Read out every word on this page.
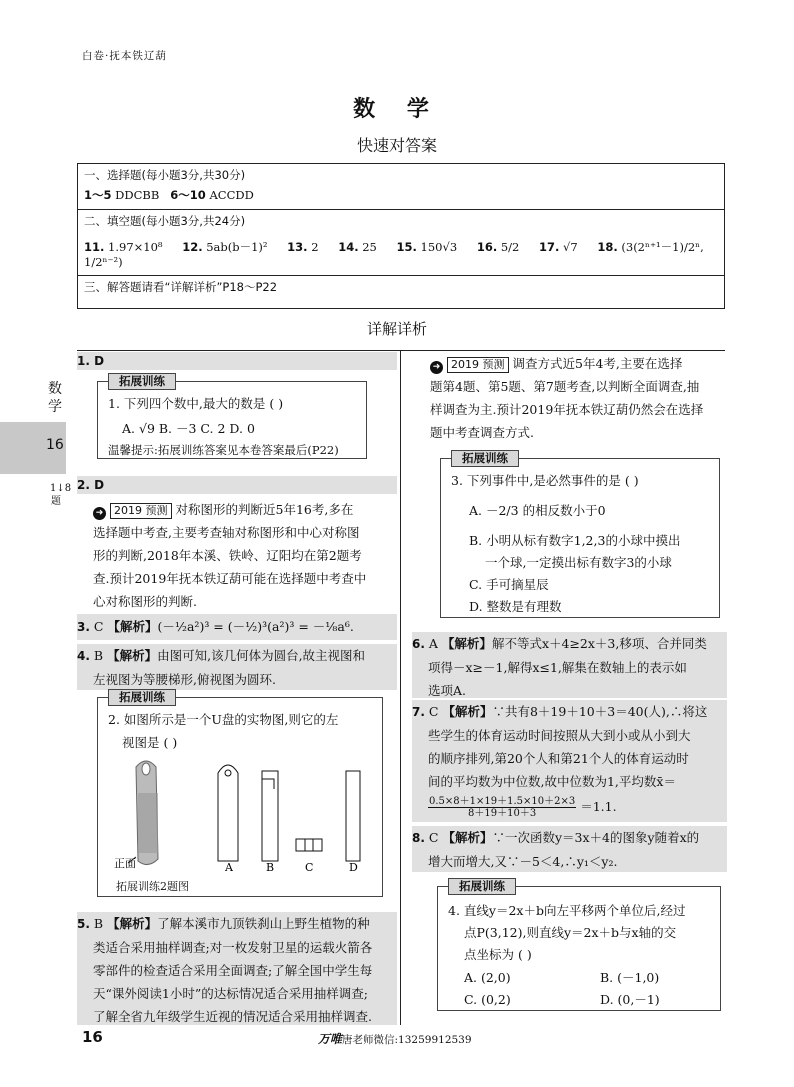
白卷·抚本铁辽葫
数 学
快速对答案
一、选择题(每小题3分,共30分)
1～5 DDCBB 6～10 ACCDD
二、填空题(每小题3分,共24分)
11. 1.97×10⁸ 12. 5ab(b－1)² 13. 2 14. 25 15. 150√3 16. 5/2 17. √7 18. (3(2ⁿ⁺¹－1)/2ⁿ, 1/2ⁿ⁻²)
三、解答题请看“详解详析”P18～P22
详解详析
数学
16
1↓8题
1. D
拓展训练
1. 下列四个数中,最大的数是 ( )
A. √9 B. －3 C. 2 D. 0
温馨提示:拓展训练答案见本卷答案最后(P22)
2. D
➜ 2019 预测 对称图形的判断近5年16考,多在
选择题中考查,主要考查轴对称图形和中心对称图
形的判断,2018年本溪、铁岭、辽阳均在第2题考
查.预计2019年抚本铁辽葫可能在选择题中考查中
心对称图形的判断.
3. C 【解析】(－½a²)³ = (－½)³(a²)³ = －⅛a⁶.
4. B 【解析】由图可知,该几何体为圆台,故主视图和
左视图为等腰梯形,俯视图为圆环.
拓展训练
2. 如图所示是一个U盘的实物图,则它的左
视图是 ( )
正面	A	B	C	D
拓展训练2题图
5. B 【解析】了解本溪市九顶铁刹山上野生植物的种
类适合采用抽样调查;对一枚发射卫星的运载火箭各
零部件的检查适合采用全面调查;了解全国中学生每
天“课外阅读1小时”的达标情况适合采用抽样调查;
了解全省九年级学生近视的情况适合采用抽样调查.
➜ 2019 预测 调查方式近5年4考,主要在选择
题第4题、第5题、第7题考查,以判断全面调查,抽
样调查为主.预计2019年抚本铁辽葫仍然会在选择
题中考查调查方式.
拓展训练
3. 下列事件中,是必然事件的是 ( )
A. －2/3 的相反数小于0
B. 小明从标有数字1,2,3的小球中摸出
一个球,一定摸出标有数字3的小球
C. 手可摘星辰
D. 整数是有理数
6. A 【解析】解不等式x＋4≥2x＋3,移项、合并同类
项得－x≥－1,解得x≤1,解集在数轴上的表示如
选项A.
7. C 【解析】∵共有8＋19＋10＋3＝40(人),∴将这
些学生的体育运动时间按照从大到小或从小到大
的顺序排列,第20个人和第21个人的体育运动时
间的平均数为中位数,故中位数为1,平均数x̄＝
$\frac{0.5\times 8+1\times 19+1.5\times 10+2\times 3}{8+19+10+3} =1.1$.
8. C 【解析】∵一次函数y＝3x＋4的图象y随着x的
增大而增大,又∵－5＜4,∴y₁＜y₂.
拓展训练
4. 直线y＝2x＋b向左平移两个单位后,经过
点P(3,12),则直线y＝2x＋b与x轴的交
点坐标为 ( )
A. (2,0)	B. (－1,0)
C. (0,2)	D. (0,－1)
16	万唯唐老师微信:13259912539
